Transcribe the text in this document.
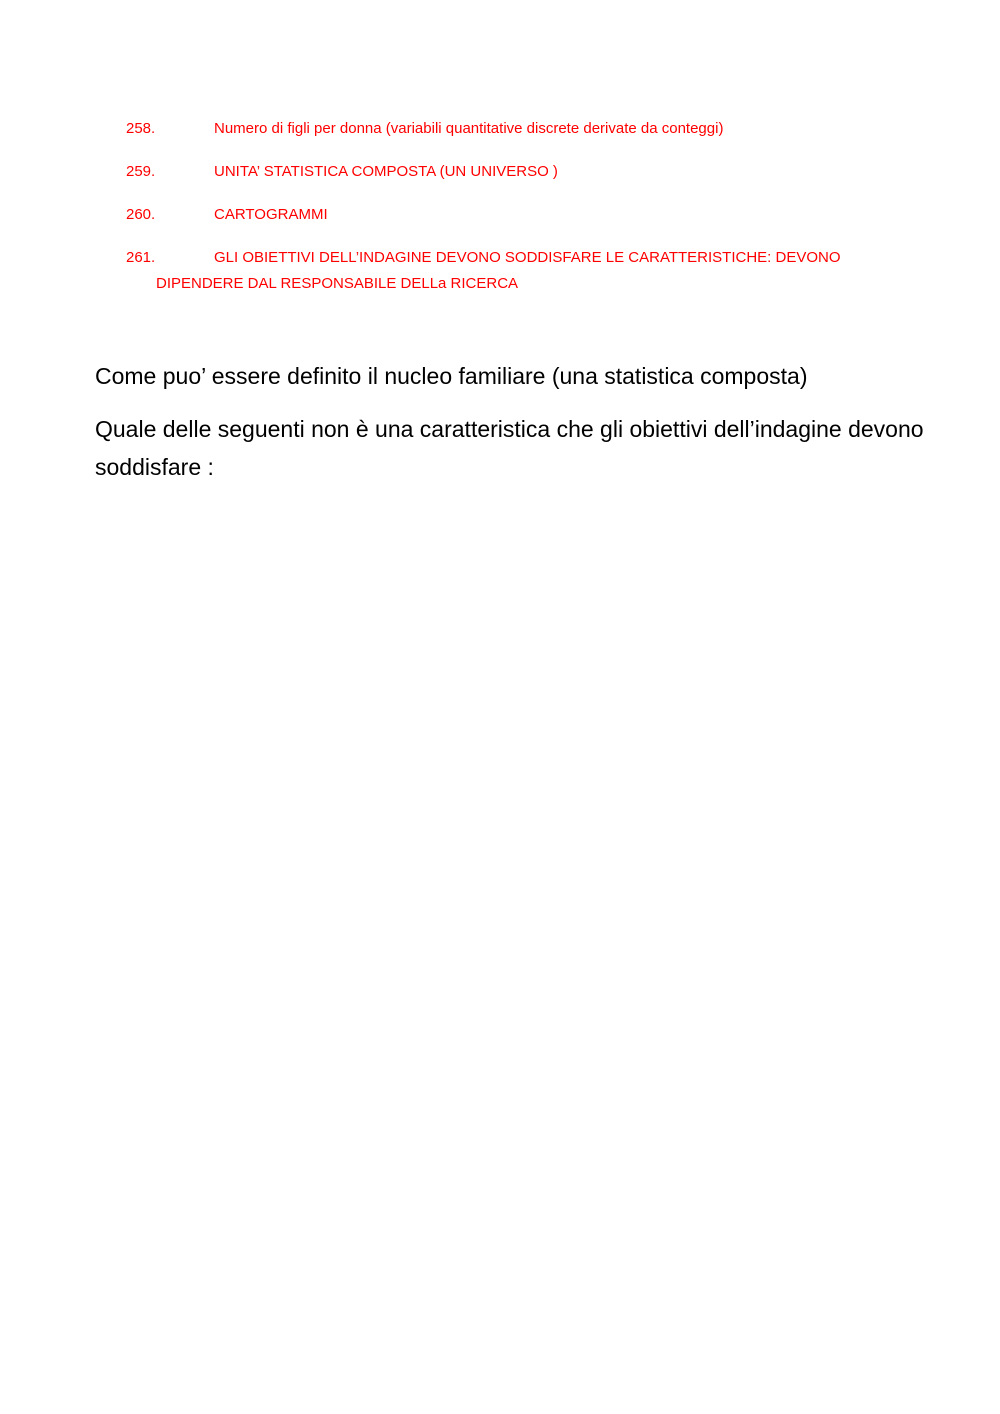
258.	Numero di figli per donna (variabili quantitative discrete derivate da conteggi)
259.	UNITA’ STATISTICA COMPOSTA (UN UNIVERSO )
260.	CARTOGRAMMI
261.	GLI OBIETTIVI DELL’INDAGINE DEVONO SODDISFARE LE CARATTERISTICHE: DEVONO
DIPENDERE DAL RESPONSABILE DELLa RICERCA

Come puo’ essere definito il nucleo familiare (una statistica composta)

Quale delle seguenti non è una caratteristica che gli obiettivi dell’indagine devono soddisfare :
